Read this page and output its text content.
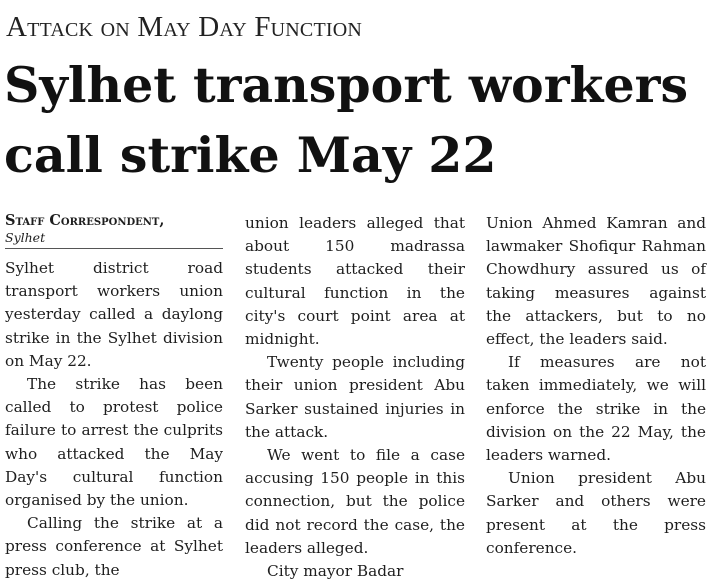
Attack on May Day Function
Sylhet transport workers
call strike May 22
Staff Correspondent,
Sylhet

Sylhet district road transport workers union yesterday called a daylong strike in the Sylhet division on May 22.

The strike has been called to protest police failure to arrest the culprits who attacked the May Day's cultural function organised by the union.

Calling the strike at a press conference at Sylhet press club, the

union leaders alleged that about 150 madrassa students attacked their cultural function in the city's court point area at midnight.

Twenty people including their union president Abu Sarker sustained injuries in the attack.

We went to file a case accusing 150 people in this connection, but the police did not record the case, the leaders alleged.

City mayor Badar

Union Ahmed Kamran and lawmaker Shofiqur Rahman Chowdhury assured us of taking measures against the attackers, but to no effect, the leaders said.

If measures are not taken immediately, we will enforce the strike in the division on the 22 May, the leaders warned.

Union president Abu Sarker and others were present at the press conference.
